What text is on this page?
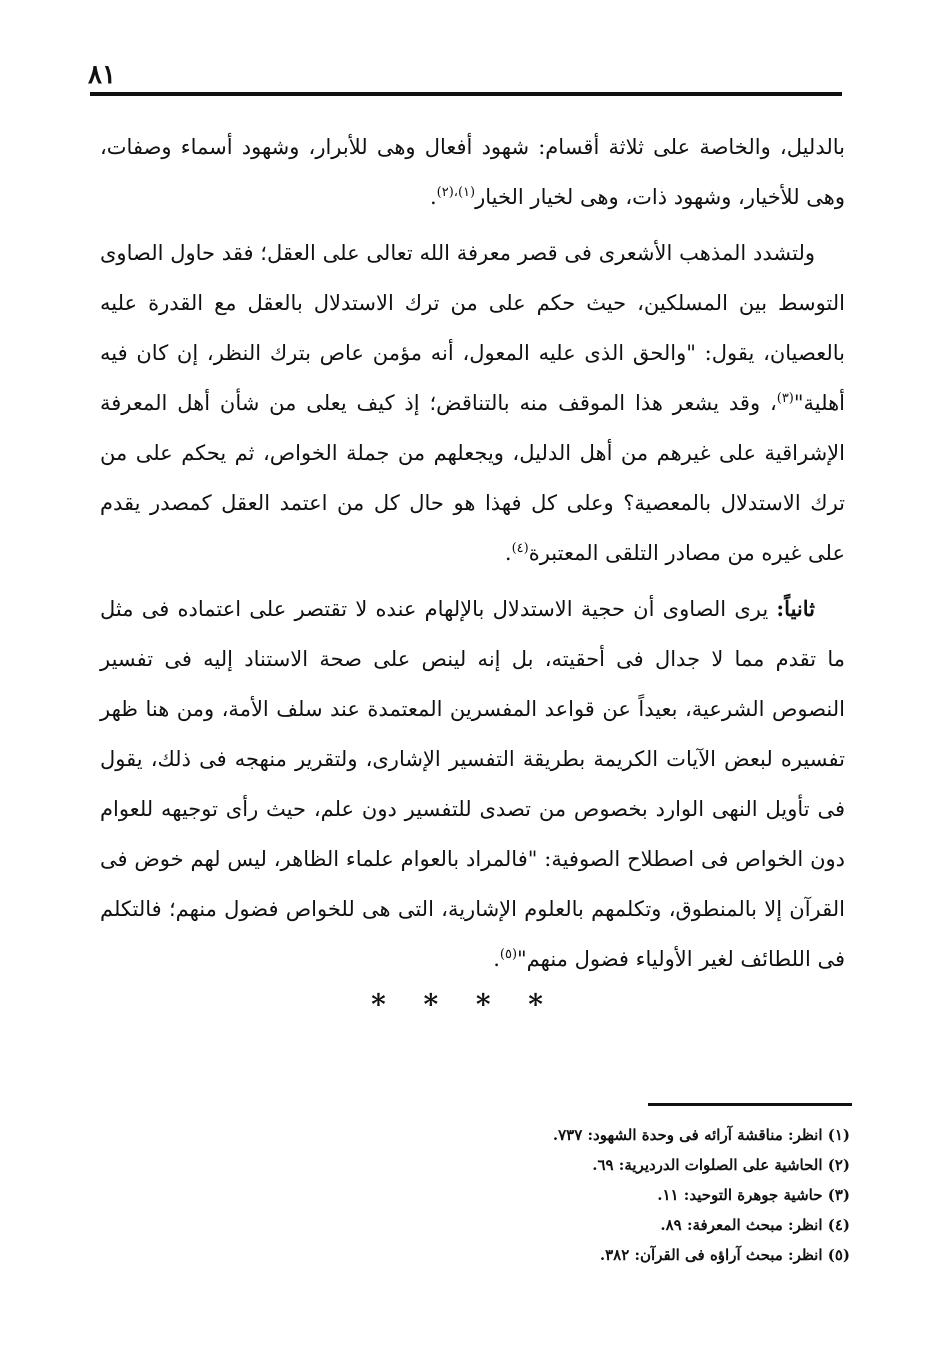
٨١

بالدليل، والخاصة على ثلاثة أقسام: شهود أفعال وهى للأبرار، وشهود أسماء وصفات، وهى للأخيار، وشهود ذات، وهى لخيار الخيار$^{(١)،(٢)}$.

ولتشدد المذهب الأشعرى فى قصر معرفة الله تعالى على العقل؛ فقد حاول الصاوى التوسط بين المسلكين، حيث حكم على من ترك الاستدلال بالعقل مع القدرة عليه بالعصيان، يقول: "والحق الذى عليه المعول، أنه مؤمن عاص بترك النظر، إن كان فيه أهلية"$^{(٣)}$، وقد يشعر هذا الموقف منه بالتناقض؛ إذ كيف يعلى من شأن أهل المعرفة الإشراقية على غيرهم من أهل الدليل، ويجعلهم من جملة الخواص، ثم يحكم على من ترك الاستدلال بالمعصية؟ وعلى كل فهذا هو حال كل من اعتمد العقل كمصدر يقدم على غيره من مصادر التلقى المعتبرة$^{(٤)}$.

ثانياً: يرى الصاوى أن حجية الاستدلال بالإلهام عنده لا تقتصر على اعتماده فى مثل ما تقدم مما لا جدال فى أحقيته، بل إنه لينص على صحة الاستناد إليه فى تفسير النصوص الشرعية، بعيداً عن قواعد المفسرين المعتمدة عند سلف الأمة، ومن هنا ظهر تفسيره لبعض الآيات الكريمة بطريقة التفسير الإشارى، ولتقرير منهجه فى ذلك، يقول فى تأويل النهى الوارد بخصوص من تصدى للتفسير دون علم، حيث رأى توجيهه للعوام دون الخواص فى اصطلاح الصوفية: "فالمراد بالعوام علماء الظاهر، ليس لهم خوض فى القرآن إلا بالمنطوق، وتكلمهم بالعلوم الإشارية، التى هى للخواص فضول منهم؛ فالتكلم فى اللطائف لغير الأولياء فضول منهم"$^{(٥)}$.

* * * *

(١) انظر: مناقشة آرائه فى وحدة الشهود: ٧٣٧.

(٢) الحاشية على الصلوات الدرديرية: ٦٩.

(٣) حاشية جوهرة التوحيد: ١١.

(٤) انظر: مبحث المعرفة: ٨٩.

(٥) انظر: مبحث آراؤه فى القرآن: ٣٨٢.
